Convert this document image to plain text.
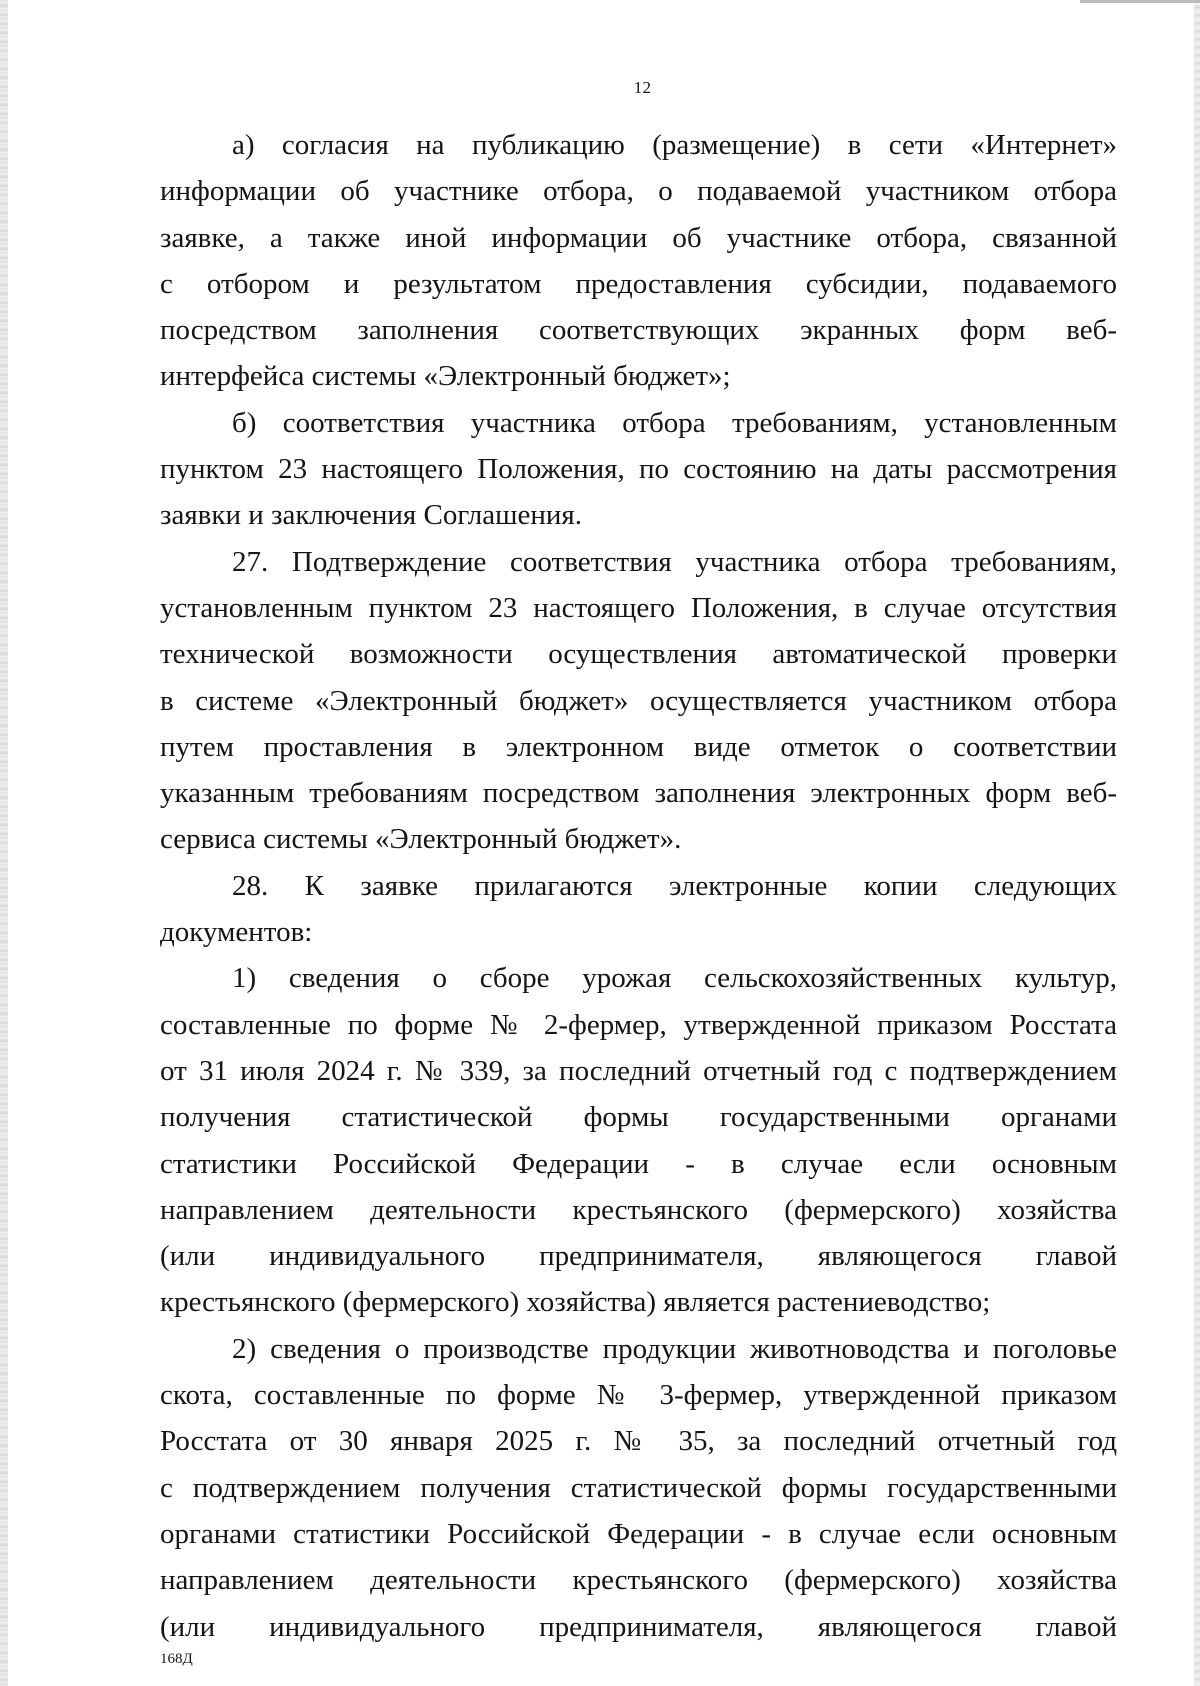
12
а) согласия на публикацию (размещение) в сети «Интернет»
информации об участнике отбора, о подаваемой участником отбора
заявке, а также иной информации об участнике отбора, связанной
с отбором и результатом предоставления субсидии, подаваемого
посредством заполнения соответствующих экранных форм веб-
интерфейса системы «Электронный бюджет»;
б) соответствия участника отбора требованиям, установленным
пунктом 23 настоящего Положения, по состоянию на даты рассмотрения
заявки и заключения Соглашения.
27. Подтверждение соответствия участника отбора требованиям,
установленным пунктом 23 настоящего Положения, в случае отсутствия
технической возможности осуществления автоматической проверки
в системе «Электронный бюджет» осуществляется участником отбора
путем проставления в электронном виде отметок о соответствии
указанным требованиям посредством заполнения электронных форм веб-
сервиса системы «Электронный бюджет».
28. К заявке прилагаются электронные копии следующих
документов:
1) сведения о сборе урожая сельскохозяйственных культур,
составленные по форме № 2-фермер, утвержденной приказом Росстата
от 31 июля 2024 г. № 339, за последний отчетный год с подтверждением
получения статистической формы государственными органами
статистики Российской Федерации - в случае если основным
направлением деятельности крестьянского (фермерского) хозяйства
(или индивидуального предпринимателя, являющегося главой
крестьянского (фермерского) хозяйства) является растениеводство;
2) сведения о производстве продукции животноводства и поголовье
скота, составленные по форме № 3-фермер, утвержденной приказом
Росстата от 30 января 2025 г. № 35, за последний отчетный год
с подтверждением получения статистической формы государственными
органами статистики Российской Федерации - в случае если основным
направлением деятельности крестьянского (фермерского) хозяйства
(или индивидуального предпринимателя, являющегося главой
168Д
